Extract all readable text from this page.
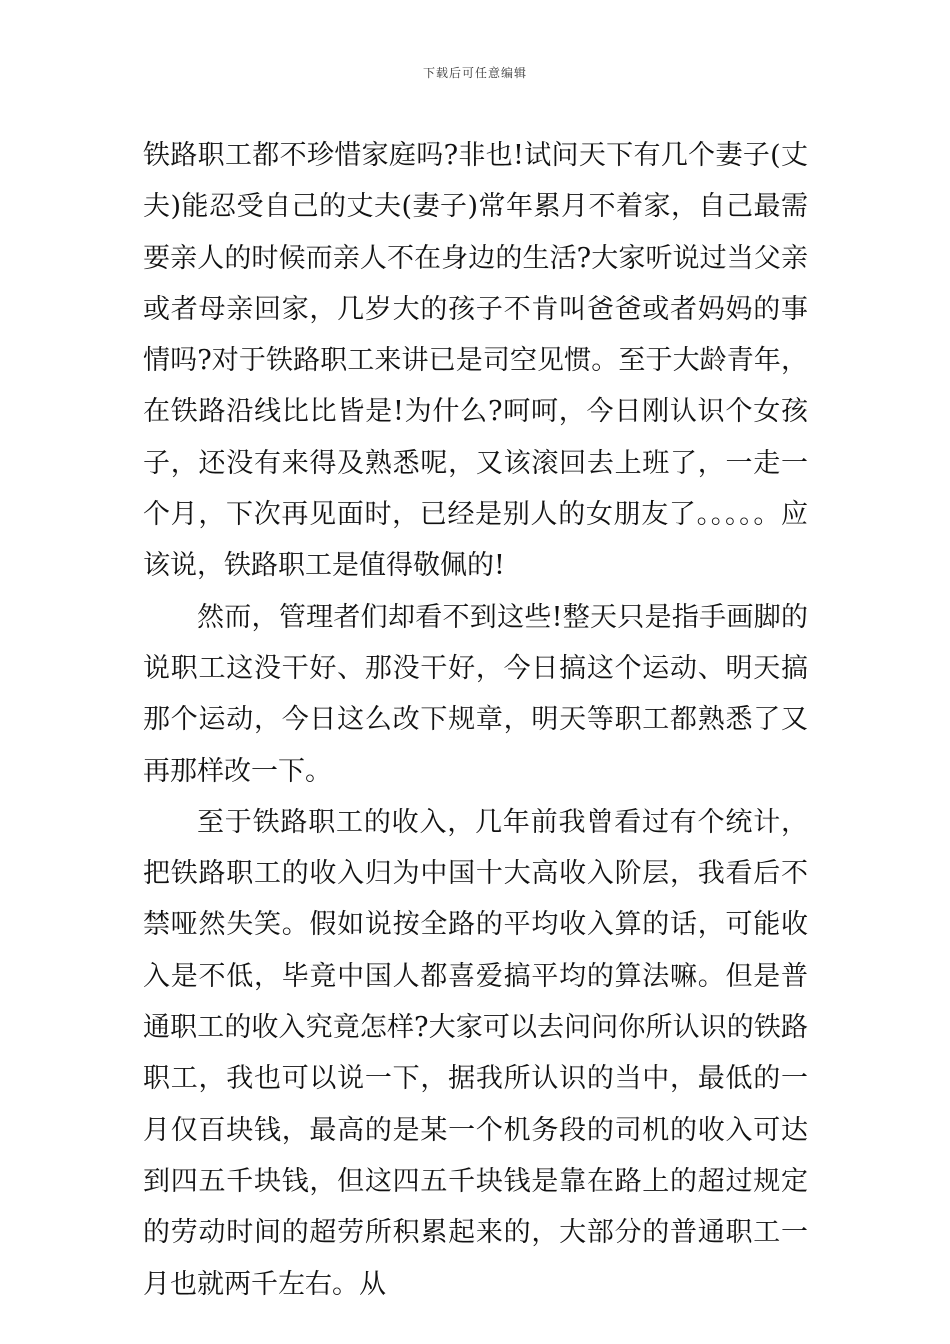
下载后可任意编辑

铁路职工都不珍惜家庭吗?非也!试问天下有几个妻子(丈夫)能忍受自己的丈夫(妻子)常年累月不着家，自己最需要亲人的时候而亲人不在身边的生活?大家听说过当父亲或者母亲回家，几岁大的孩子不肯叫爸爸或者妈妈的事情吗?对于铁路职工来讲已是司空见惯。至于大龄青年，在铁路沿线比比皆是!为什么?呵呵，今日刚认识个女孩子，还没有来得及熟悉呢，又该滚回去上班了，一走一个月，下次再见面时，已经是别人的女朋友了。。。。。应该说，铁路职工是值得敬佩的!

然而，管理者们却看不到这些!整天只是指手画脚的说职工这没干好、那没干好，今日搞这个运动、明天搞那个运动，今日这么改下规章，明天等职工都熟悉了又再那样改一下。

至于铁路职工的收入，几年前我曾看过有个统计，把铁路职工的收入归为中国十大高收入阶层，我看后不禁哑然失笑。假如说按全路的平均收入算的话，可能收入是不低，毕竟中国人都喜爱搞平均的算法嘛。但是普通职工的收入究竟怎样?大家可以去问问你所认识的铁路职工，我也可以说一下，据我所认识的当中，最低的一月仅百块钱，最高的是某一个机务段的司机的收入可达到四五千块钱，但这四五千块钱是靠在路上的超过规定的劳动时间的超劳所积累起来的，大部分的普通职工一月也就两千左右。从
